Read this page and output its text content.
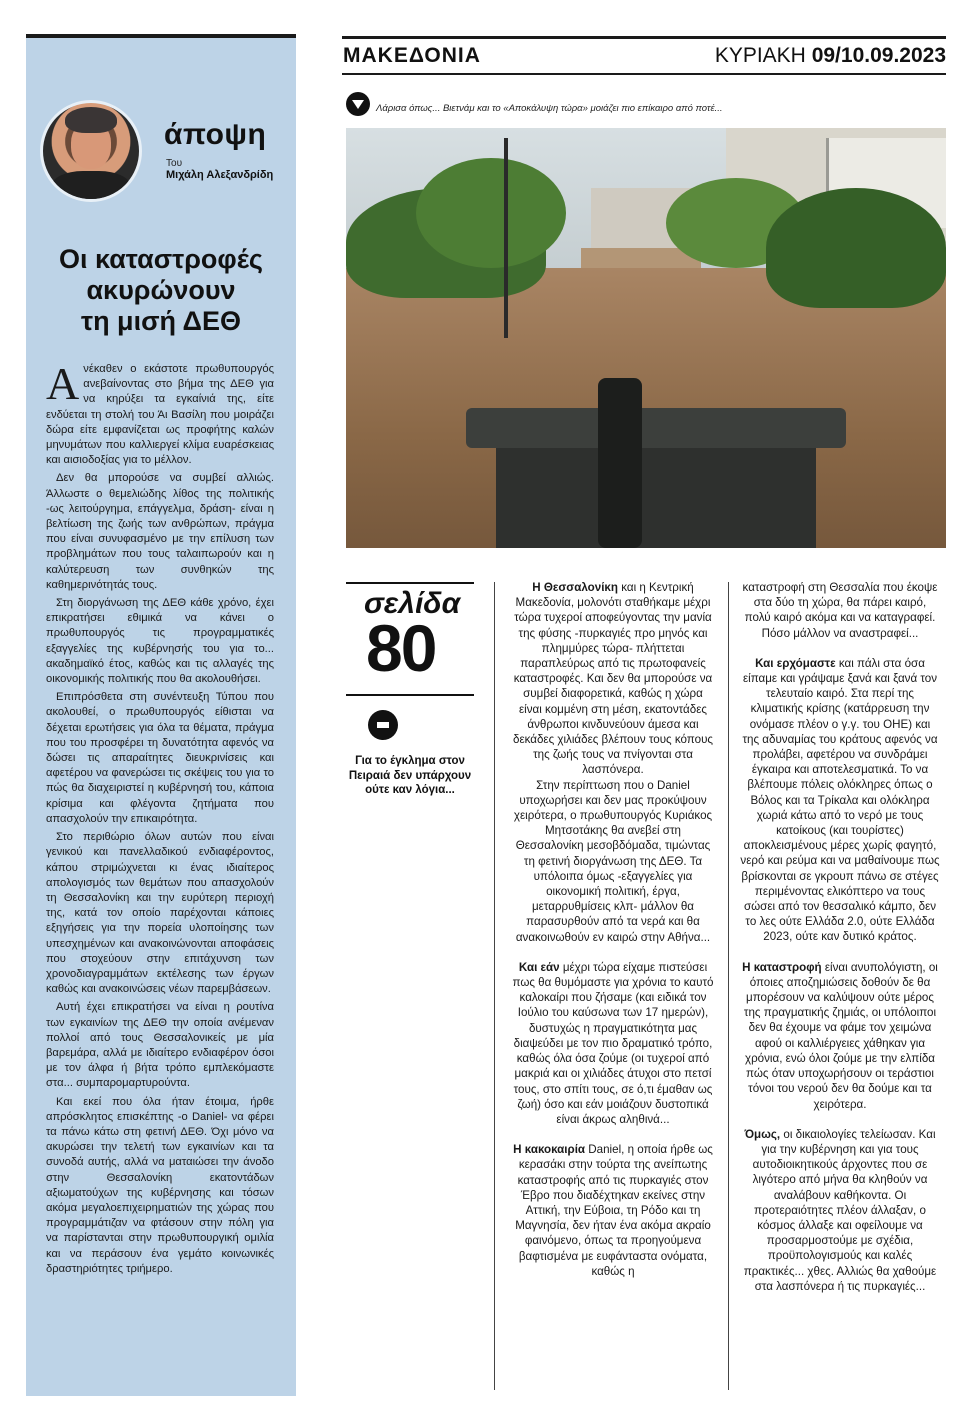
άποψη
Του
Μιχάλη Αλεξανδρίδη
Οι καταστροφές
ακυρώνουν
τη μισή ΔΕΘ

Ανέκαθεν ο εκάστοτε πρωθυπουργός ανεβαίνοντας στο βήμα της ΔΕΘ για να κηρύξει τα εγκαίνιά της, είτε ενδύεται τη στολή του Άι Βασίλη που μοιράζει δώρα είτε εμφανίζεται ως προφήτης καλών μηνυμάτων που καλλιεργεί κλίμα ευαρέσκειας και αισιοδοξίας για το μέλλον.

Δεν θα μπορούσε να συμβεί αλλιώς. Άλλωστε ο θεμελιώδης λίθος της πολιτικής -ως λειτούργημα, επάγγελμα, δράση- είναι η βελτίωση της ζωής των ανθρώπων, πράγμα που είναι συνυφασμένο με την επίλυση των προβλημάτων που τους ταλαιπωρούν και η καλύτερευση των συνθηκών της καθημερινότητάς τους.

Στη διοργάνωση της ΔΕΘ κάθε χρόνο, έχει επικρατήσει εθιμικά να κάνει ο πρωθυπουργός τις προγραμματικές εξαγγελίες της κυβέρνησής του για το... ακαδημαϊκό έτος, καθώς και τις αλλαγές της οικονομικής πολιτικής που θα ακολουθήσει.

Επιπρόσθετα στη συνέντευξη Τύπου που ακολουθεί, ο πρωθυπουργός είθισται να δέχεται ερωτήσεις για όλα τα θέματα, πράγμα που του προσφέρει τη δυνατότητα αφενός να δώσει τις απαραίτητες διευκρινίσεις και αφετέρου να φανερώσει τις σκέψεις του για το πώς θα διαχειριστεί η κυβέρνησή του, κάποια κρίσιμα και φλέγοντα ζητήματα που απασχολούν την επικαιρότητα.

Στο περιθώριο όλων αυτών που είναι γενικού και πανελλαδικού ενδιαφέροντος, κάπου στριμώχνεται κι ένας ιδιαίτερος απολογισμός των θεμάτων που απασχολούν τη Θεσσαλονίκη και την ευρύτερη περιοχή της, κατά τον οποίο παρέχονται κάποιες εξηγήσεις για την πορεία υλοποίησης των υπεσχημένων και ανακοινώνονται αποφάσεις που στοχεύουν στην επιτάχυνση των χρονοδιαγραμμάτων εκτέλεσης των έργων καθώς και ανακοινώσεις νέων παρεμβάσεων.

Αυτή έχει επικρατήσει να είναι η ρουτίνα των εγκαινίων της ΔΕΘ την οποία ανέμεναν πολλοί από τους Θεσσαλονικείς με μία βαρεμάρα, αλλά με ιδιαίτερο ενδιαφέρον όσοι με τον άλφα ή βήτα τρόπο εμπλεκόμαστε στα... συμπαρομαρτυρούντα.

Και εκεί που όλα ήταν έτοιμα, ήρθε απρόσκλητος επισκέπτης -ο Daniel- να φέρει τα πάνω κάτω στη φετινή ΔΕΘ. Όχι μόνο να ακυρώσει την τελετή των εγκαινίων και τα συνοδά αυτής, αλλά να ματαιώσει την άνοδο στην Θεσσαλονίκη εκατοντάδων αξιωματούχων της κυβέρνησης και τόσων ακόμα μεγαλοεπιχειρηματιών της χώρας που προγραμμάτιζαν να φτάσουν στην πόλη για να παρίστανται στην πρωθυπουργική ομιλία και να περάσουν ένα γεμάτο κοινωνικές δραστηριότητες τριήμερο.

ΜΑΚΕΔΟΝΙΑ	ΚΥΡΙΑΚΗ 09/10.09.2023
Λάρισα όπως... Βιετνάμ και το «Αποκάλυψη τώρα» μοιάζει πιο επίκαιρο από ποτέ...
σελίδα
80
Για το έγκλημα στον Πειραιά δεν υπάρχουν ούτε καν λόγια...

Η Θεσσαλονίκη και η Κεντρική Μακεδονία, μολονότι σταθήκαμε μέχρι τώρα τυχεροί αποφεύγοντας την μανία της φύσης -πυρκαγιές προ μηνός και πλημμύρες τώρα- πλήττεται παραπλεύρως από τις πρωτοφανείς καταστροφές. Και δεν θα μπορούσε να συμβεί διαφορετικά, καθώς η χώρα είναι κομμένη στη μέση, εκατοντάδες άνθρωποι κινδυνεύουν άμεσα και δεκάδες χιλιάδες βλέπουν τους κόπους της ζωής τους να πνίγονται στα λασπόνερα.

Στην περίπτωση που ο Daniel υποχωρήσει και δεν μας προκύψουν χειρότερα, ο πρωθυπουργός Κυριάκος Μητσοτάκης θα ανεβεί στη Θεσσαλονίκη μεσοβδόμαδα, τιμώντας τη φετινή διοργάνωση της ΔΕΘ. Τα υπόλοιπα όμως -εξαγγελίες για οικονομική πολιτική, έργα, μεταρρυθμίσεις κλπ- μάλλον θα παρασυρθούν από τα νερά και θα ανακοινωθούν εν καιρώ στην Αθήνα...

Και εάν μέχρι τώρα είχαμε πιστεύσει πως θα θυμόμαστε για χρόνια το καυτό καλοκαίρι που ζήσαμε (και ειδικά τον Ιούλιο του καύσωνα των 17 ημερών), δυστυχώς η πραγματικότητα μας διαψεύδει με τον πιο δραματικό τρόπο, καθώς όλα όσα ζούμε (οι τυχεροί από μακριά και οι χιλιάδες άτυχοι στο πετσί τους, στο σπίτι τους, σε ό,τι έμαθαν ως ζωή) όσο και εάν μοιάζουν δυστοπικά είναι άκρως αληθινά...

Η κακοκαιρία Daniel, η οποία ήρθε ως κερασάκι στην τούρτα της ανείπωτης καταστροφής από τις πυρκαγιές στον Έβρο που διαδέχτηκαν εκείνες στην Αττική, την Εύβοια, τη Ρόδο και τη Μαγνησία, δεν ήταν ένα ακόμα ακραίο φαινόμενο, όπως τα προηγούμενα βαφτισμένα με ευφάνταστα ονόματα, καθώς η

καταστροφή στη Θεσσαλία που έκοψε στα δύο τη χώρα, θα πάρει καιρό, πολύ καιρό ακόμα και να καταγραφεί. Πόσο μάλλον να αναστραφεί...

Και ερχόμαστε και πάλι στα όσα είπαμε και γράψαμε ξανά και ξανά τον τελευταίο καιρό. Στα περί της κλιματικής κρίσης (κατάρρευση την ονόμασε πλέον ο γ.γ. του ΟΗΕ) και της αδυναμίας του κράτους αφενός να προλάβει, αφετέρου να συνδράμει έγκαιρα και αποτελεσματικά. Το να βλέπουμε πόλεις ολόκληρες όπως ο Βόλος και τα Τρίκαλα και ολόκληρα χωριά κάτω από το νερό με τους κατοίκους (και τουρίστες) αποκλεισμένους μέρες χωρίς φαγητό, νερό και ρεύμα και να μαθαίνουμε πως βρίσκονται σε γκρουπ πάνω σε στέγες περιμένοντας ελικόπτερο να τους σώσει από τον θεσσαλικό κάμπο, δεν το λες ούτε Ελλάδα 2.0, ούτε Ελλάδα 2023, ούτε καν δυτικό κράτος.

Η καταστροφή είναι ανυπολόγιστη, οι όποιες αποζημιώσεις δοθούν δε θα μπορέσουν να καλύψουν ούτε μέρος της πραγματικής ζημιάς, οι υπόλοιποι δεν θα έχουμε να φάμε τον χειμώνα αφού οι καλλιέργειες χάθηκαν για χρόνια, ενώ όλοι ζούμε με την ελπίδα πώς όταν υποχωρήσουν οι τεράστιοι τόνοι του νερού δεν θα δούμε και τα χειρότερα.

Όμως, οι δικαιολογίες τελείωσαν. Και για την κυβέρνηση και για τους αυτοδιοικητικούς άρχοντες που σε λιγότερο από μήνα θα κληθούν να αναλάβουν καθήκοντα. Οι προτεραιότητες πλέον άλλαξαν, ο κόσμος άλλαξε και οφείλουμε να προσαρμοστούμε με σχέδια, προϋπολογισμούς και καλές πρακτικές... χθες. Αλλιώς θα χαθούμε στα λασπόνερα ή τις πυρκαγιές...
